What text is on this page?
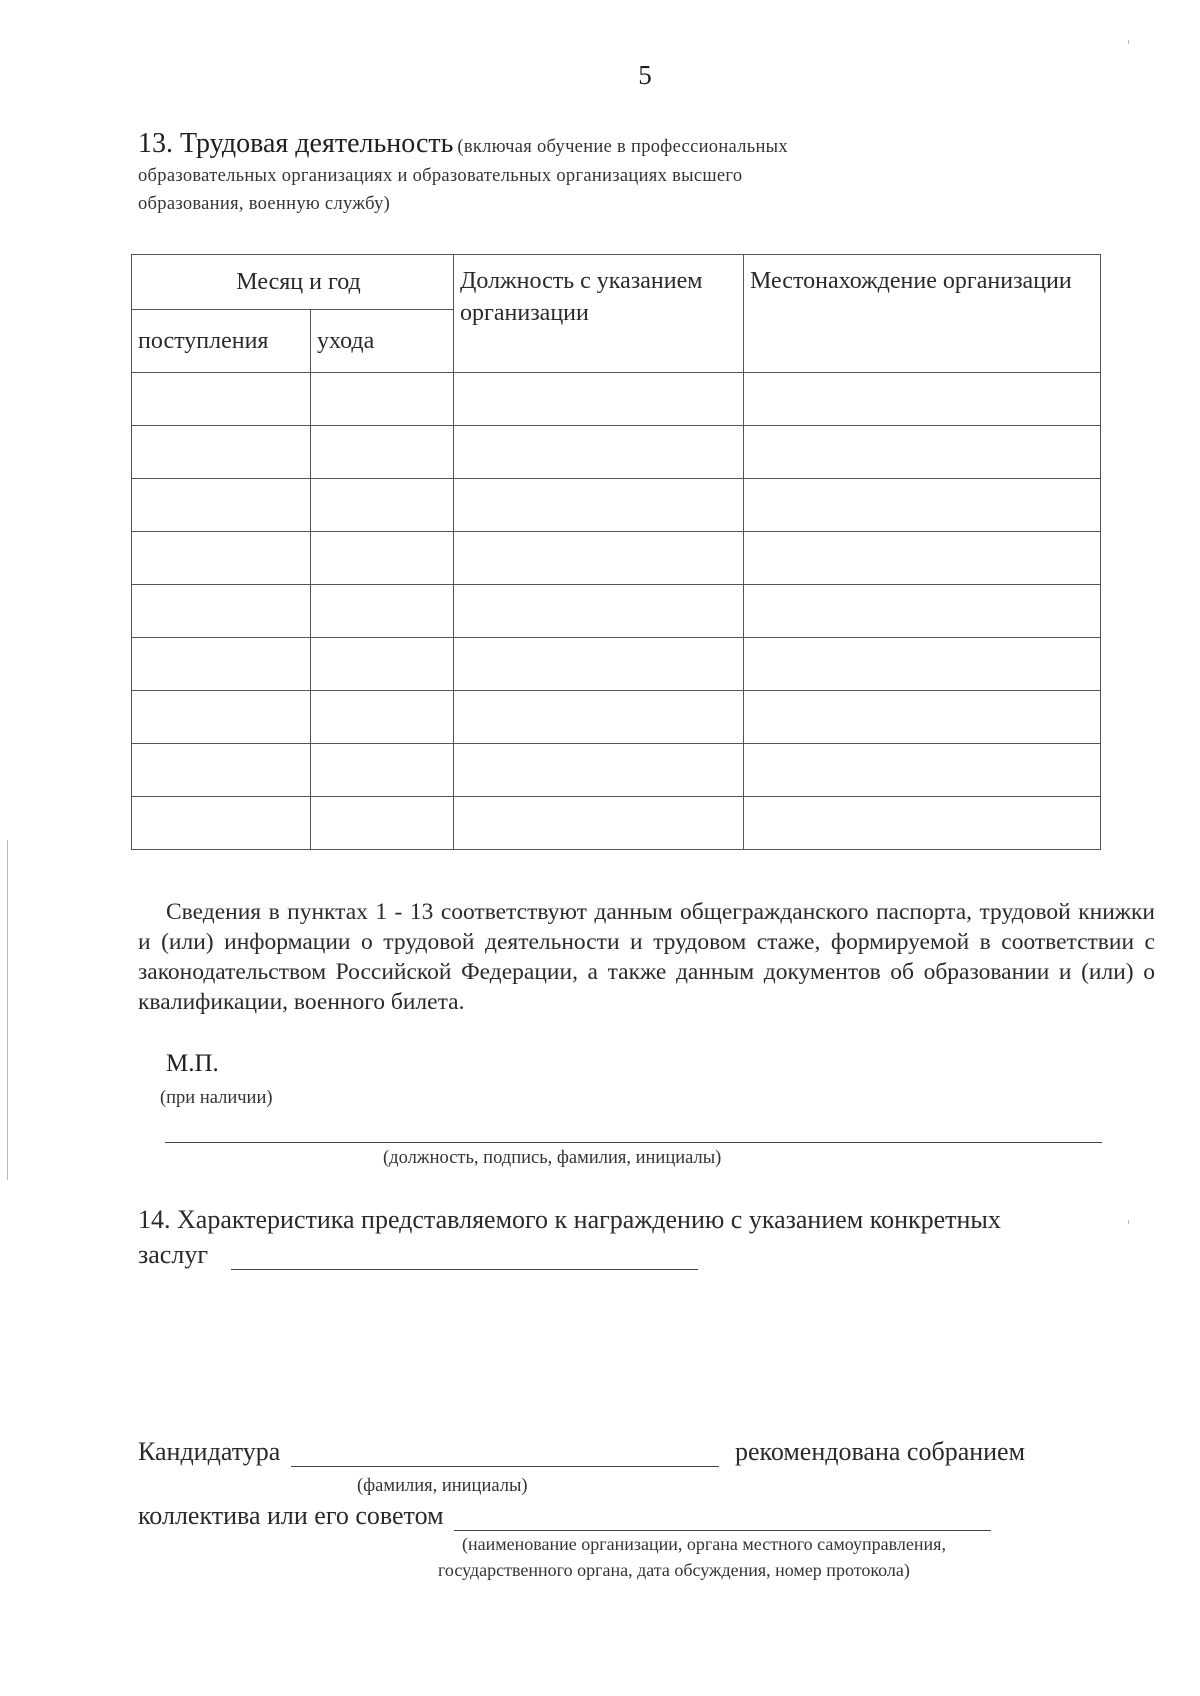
5
13. Трудовая деятельность (включая обучение в профессиональных
образовательных организациях и образовательных организациях высшего
образования, военную службу)
Месяц и год		Должность с указанием организации	Местонахождение организации
поступления	ухода		

Сведения в пунктах 1 - 13 соответствуют данным общегражданского паспорта, трудовой книжки и (или) информации о трудовой деятельности и трудовом стаже, формируемой в соответствии с законодательством Российской Федерации, а также данным документов об образовании и (или) о квалификации, военного билета.
М.П.
(при наличии)
(должность, подпись, фамилия, инициалы)
14. Характеристика представляемого к награждению с указанием конкретных
заслуг
Кандидатура	рекомендована собранием
(фамилия, инициалы)
коллектива или его советом
(наименование организации, органа местного самоуправления,
государственного органа, дата обсуждения, номер протокола)
